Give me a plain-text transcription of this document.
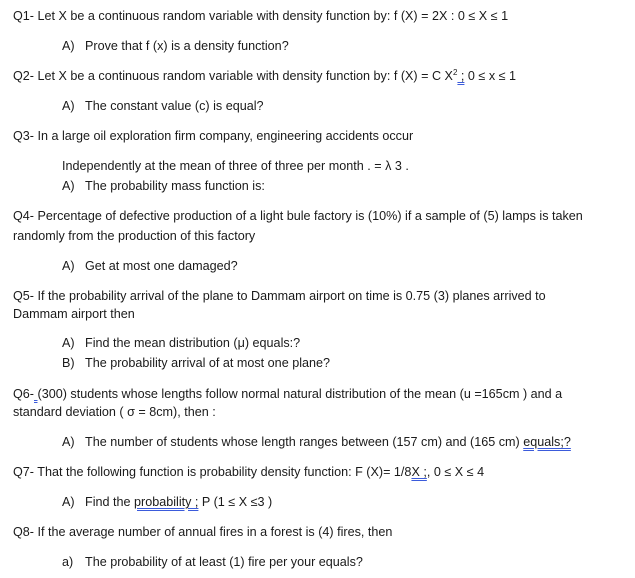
Q1- Let X be a continuous random variable with density function by: f (X) = 2X : 0 ≤ X ≤ 1
A) Prove that f (x) is a density function?
Q2- Let X be a continuous random variable with density function by: f (X) = C $X^2$ ; 0 ≤ x ≤ 1
A) The constant value (c) is equal?
Q3- In a large oil exploration firm company, engineering accidents occur
Independently at the mean of three of three per month . = λ 3 .
A) The probability mass function is:
Q4- Percentage of defective production of a light bule factory is (10%) if a sample of (5) lamps is taken
randomly from the production of this factory
A) Get at most one damaged?
Q5- If the probability arrival of the plane to Dammam airport on time is 0.75 (3) planes arrived to
Dammam airport then
A) Find the mean distribution (μ) equals:?
B) The probability arrival of at most one plane?
Q6- (300) students whose lengths follow normal natural distribution of the mean (u =165cm ) and a
standard deviation ( σ = 8cm), then :
A) The number of students whose length ranges between (157 cm) and (165 cm) equals;?
Q7- That the following function is probability density function: F (X)= 1/8X ;, 0 ≤ X ≤ 4
A) Find the probability ; P (1 ≤ X ≤3 )
Q8- If the average number of annual fires in a forest is (4) fires, then
a) The probability of at least (1) fire per your equals?
